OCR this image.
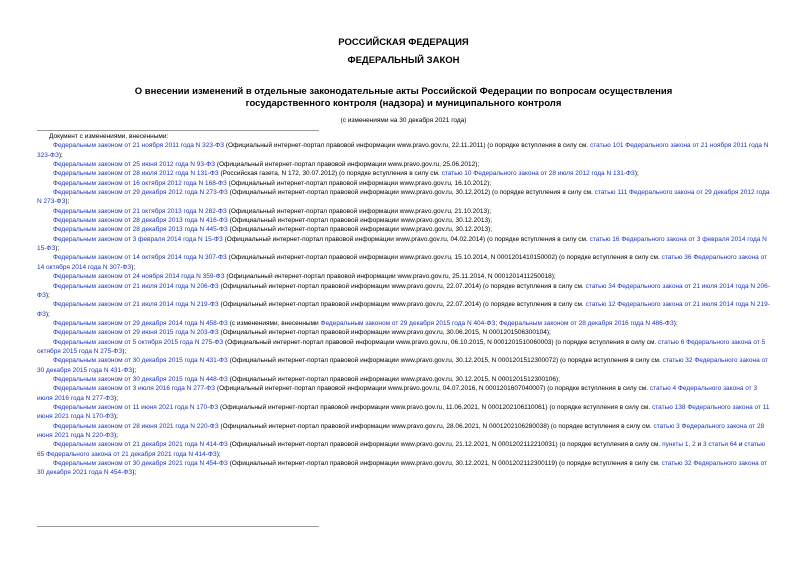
РОССИЙСКАЯ ФЕДЕРАЦИЯ
ФЕДЕРАЛЬНЫЙ ЗАКОН
О внесении изменений в отдельные законодательные акты Российской Федерации по вопросам осуществления государственного контроля (надзора) и муниципального контроля
(с изменениями на 30 декабря 2021 года)
Документ с изменениями, внесенными:
Федеральным законом от 21 ноября 2011 года N 323-ФЗ (Официальный интернет-портал правовой информации www.pravo.gov.ru, 22.11.2011) (о порядке вступления в силу см. статью 101 Федерального закона от 21 ноября 2011 года N 323-ФЗ);
Федеральным законом от 25 июня 2012 года N 93-ФЗ (Официальный интернет-портал правовой информации www.pravo.gov.ru, 25.06.2012);
Федеральным законом от 28 июля 2012 года N 131-ФЗ (Российская газета, N 172, 30.07.2012) (о порядке вступления в силу см. статью 10 Федерального закона от 28 июля 2012 года N 131-ФЗ);
Федеральным законом от 16 октября 2012 года N 168-ФЗ (Официальный интернет-портал правовой информации www.pravo.gov.ru, 16.10.2012);
Федеральным законом от 29 декабря 2012 года N 273-ФЗ (Официальный интернет-портал правовой информации www.pravo.gov.ru, 30.12.2012) (о порядке вступления в силу см. статью 111 Федерального закона от 29 декабря 2012 года N 273-ФЗ);
Федеральным законом от 21 октября 2013 года N 282-ФЗ (Официальный интернет-портал правовой информации www.pravo.gov.ru, 21.10.2013);
Федеральным законом от 28 декабря 2013 года N 416-ФЗ (Официальный интернет-портал правовой информации www.pravo.gov.ru, 30.12.2013);
Федеральным законом от 28 декабря 2013 года N 445-ФЗ (Официальный интернет-портал правовой информации www.pravo.gov.ru, 30.12.2013);
Федеральным законом от 3 февраля 2014 года N 15-ФЗ (Официальный интернет-портал правовой информации www.pravo.gov.ru, 04.02.2014) (о порядке вступления в силу см. статью 16 Федерального закона от 3 февраля 2014 года N 15-ФЗ);
Федеральным законом от 14 октября 2014 года N 307-ФЗ (Официальный интернет-портал правовой информации www.pravo.gov.ru, 15.10.2014, N 0001201410150002) (о порядке вступления в силу см. статью 36 Федерального закона от 14 октября 2014 года N 307-ФЗ);
Федеральным законом от 24 ноября 2014 года N 359-ФЗ (Официальный интернет-портал правовой информации www.pravo.gov.ru, 25.11.2014, N 0001201411250018);
Федеральным законом от 21 июля 2014 года N 206-ФЗ (Официальный интернет-портал правовой информации www.pravo.gov.ru, 22.07.2014) (о порядке вступления в силу см. статью 34 Федерального закона от 21 июля 2014 года N 206-ФЗ);
Федеральным законом от 21 июля 2014 года N 219-ФЗ (Официальный интернет-портал правовой информации www.pravo.gov.ru, 22.07.2014) (о порядке вступления в силу см. статью 12 Федерального закона от 21 июля 2014 года N 219-ФЗ);
Федеральным законом от 29 декабря 2014 года N 458-ФЗ (с изменениями, внесенными Федеральным законом от 29 декабря 2015 года N 404-ФЗ; Федеральным законом от 28 декабря 2016 года N 486-ФЗ);
Федеральным законом от 29 июня 2015 года N 203-ФЗ (Официальный интернет-портал правовой информации www.pravo.gov.ru, 30.06.2015, N 0001201506300104);
Федеральным законом от 5 октября 2015 года N 275-ФЗ (Официальный интернет-портал правовой информации www.pravo.gov.ru, 06.10.2015, N 0001201510060003) (о порядке вступления в силу см. статью 6 Федерального закона от 5 октября 2015 года N 275-ФЗ);
Федеральным законом от 30 декабря 2015 года N 431-ФЗ (Официальный интернет-портал правовой информации www.pravo.gov.ru, 30.12.2015, N 0001201512300072) (о порядке вступления в силу см. статью 32 Федерального закона от 30 декабря 2015 года N 431-ФЗ);
Федеральным законом от 30 декабря 2015 года N 448-ФЗ (Официальный интернет-портал правовой информации www.pravo.gov.ru, 30.12.2015, N 0001201512300106);
Федеральным законом от 3 июля 2016 года N 277-ФЗ (Официальный интернет-портал правовой информации www.pravo.gov.ru, 04.07.2016, N 0001201607040007) (о порядке вступления в силу см. статью 4 Федерального закона от 3 июля 2016 года N 277-ФЗ);
Федеральным законом от 11 июня 2021 года N 170-ФЗ (Официальный интернет-портал правовой информации www.pravo.gov.ru, 11.06.2021, N 0001202106110061) (о порядке вступления в силу см. статью 138 Федерального закона от 11 июня 2021 года N 170-ФЗ);
Федеральным законом от 28 июня 2021 года N 220-ФЗ (Официальный интернет-портал правовой информации www.pravo.gov.ru, 28.06.2021, N 0001202106280038) (о порядке вступления в силу см. статью 3 Федерального закона от 28 июня 2021 года N 220-ФЗ);
Федеральным законом от 21 декабря 2021 года N 414-ФЗ (Официальный интернет-портал правовой информации www.pravo.gov.ru, 21.12.2021, N 0001202112210031) (о порядке вступления в силу см. пункты 1, 2 и 3 статьи 64 и статью 65 Федерального закона от 21 декабря 2021 года N 414-ФЗ);
Федеральным законом от 30 декабря 2021 года N 454-ФЗ (Официальный интернет-портал правовой информации www.pravo.gov.ru, 30.12.2021, N 0001202112300119) (о порядке вступления в силу см. статью 32 Федерального закона от 30 декабря 2021 года N 454-ФЗ);
